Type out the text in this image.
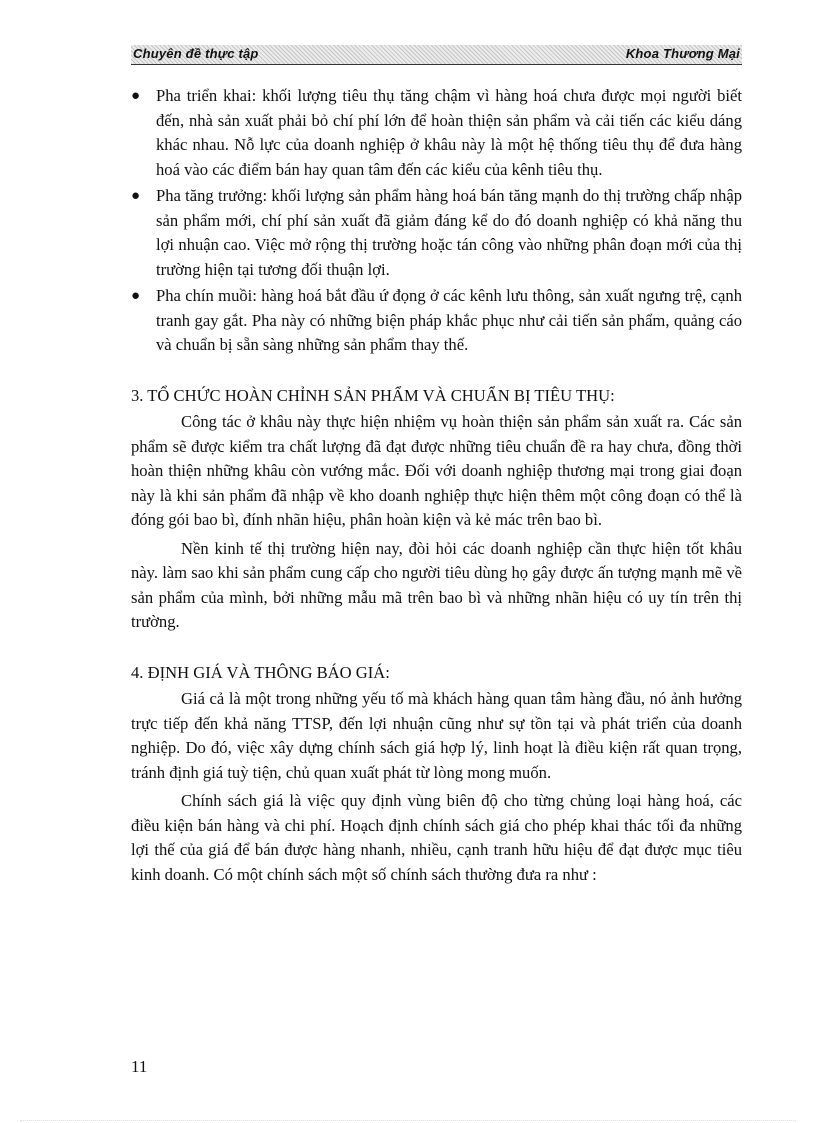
Chuyên đề thực tập	Khoa Thương Mại
● Pha triển khai: khối lượng tiêu thụ tăng chậm vì hàng hoá chưa được mọi người biết đến, nhà sản xuất phải bỏ chí phí lớn để hoàn thiện sản phẩm và cải tiến các kiểu dáng khác nhau. Nỗ lực của doanh nghiệp ở khâu này là một hệ thống tiêu thụ để đưa hàng hoá vào các điểm bán hay quan tâm đến các kiểu của kênh tiêu thụ.
● Pha tăng trưởng: khối lượng sản phẩm hàng hoá bán tăng mạnh do thị trường chấp nhập sản phẩm mới, chí phí sản xuất đã giảm đáng kể do đó doanh nghiệp có khả năng thu lợi nhuận cao. Việc mở rộng thị trường hoặc tán công vào những phân đoạn mới của thị trường hiện tại tương đối thuận lợi.
● Pha chín muồi: hàng hoá bắt đầu ứ đọng ở các kênh lưu thông, sản xuất ngưng trệ, cạnh tranh gay gắt. Pha này có những biện pháp khắc phục như cải tiến sản phẩm, quảng cáo và chuẩn bị sẵn sàng những sản phẩm thay thế.
3. TỔ CHỨC HOÀN CHỈNH SẢN PHẨM VÀ CHUẨN BỊ TIÊU THỤ:

Công tác ở khâu này thực hiện nhiệm vụ hoàn thiện sản phẩm sản xuất ra. Các sản phẩm sẽ được kiểm tra chất lượng đã đạt được những tiêu chuẩn đề ra hay chưa, đồng thời hoàn thiện những khâu còn vướng mắc. Đối với doanh nghiệp thương mại trong giai đoạn này là khi sản phẩm đã nhập về kho doanh nghiệp thực hiện thêm một công đoạn có thể là đóng gói bao bì, đính nhãn hiệu, phân hoàn kiện và kẻ mác trên bao bì.

Nền kinh tế thị trường hiện nay, đòi hỏi các doanh nghiệp cần thực hiện tốt khâu này. làm sao khi sản phẩm cung cấp cho người tiêu dùng họ gây được ấn tượng mạnh mẽ về sản phẩm của mình, bởi những mẫu mã trên bao bì và những nhãn hiệu có uy tín trên thị trường.

4. ĐỊNH GIÁ VÀ THÔNG BÁO GIÁ:

Giá cả là một trong những yếu tố mà khách hàng quan tâm hàng đầu, nó ảnh hưởng trực tiếp đến khả năng TTSP, đến lợi nhuận cũng như sự tồn tại và phát triển của doanh nghiệp. Do đó, việc xây dựng chính sách giá hợp lý, linh hoạt là điều kiện rất quan trọng, tránh định giá tuỳ tiện, chủ quan xuất phát từ lòng mong muốn.

Chính sách giá là việc quy định vùng biên độ cho từng chủng loại hàng hoá, các điều kiện bán hàng và chi phí. Hoạch định chính sách giá cho phép khai thác tối đa những lợi thế của giá để bán được hàng nhanh, nhiều, cạnh tranh hữu hiệu để đạt được mục tiêu kinh doanh. Có một chính sách một số chính sách thường đưa ra như :

11
